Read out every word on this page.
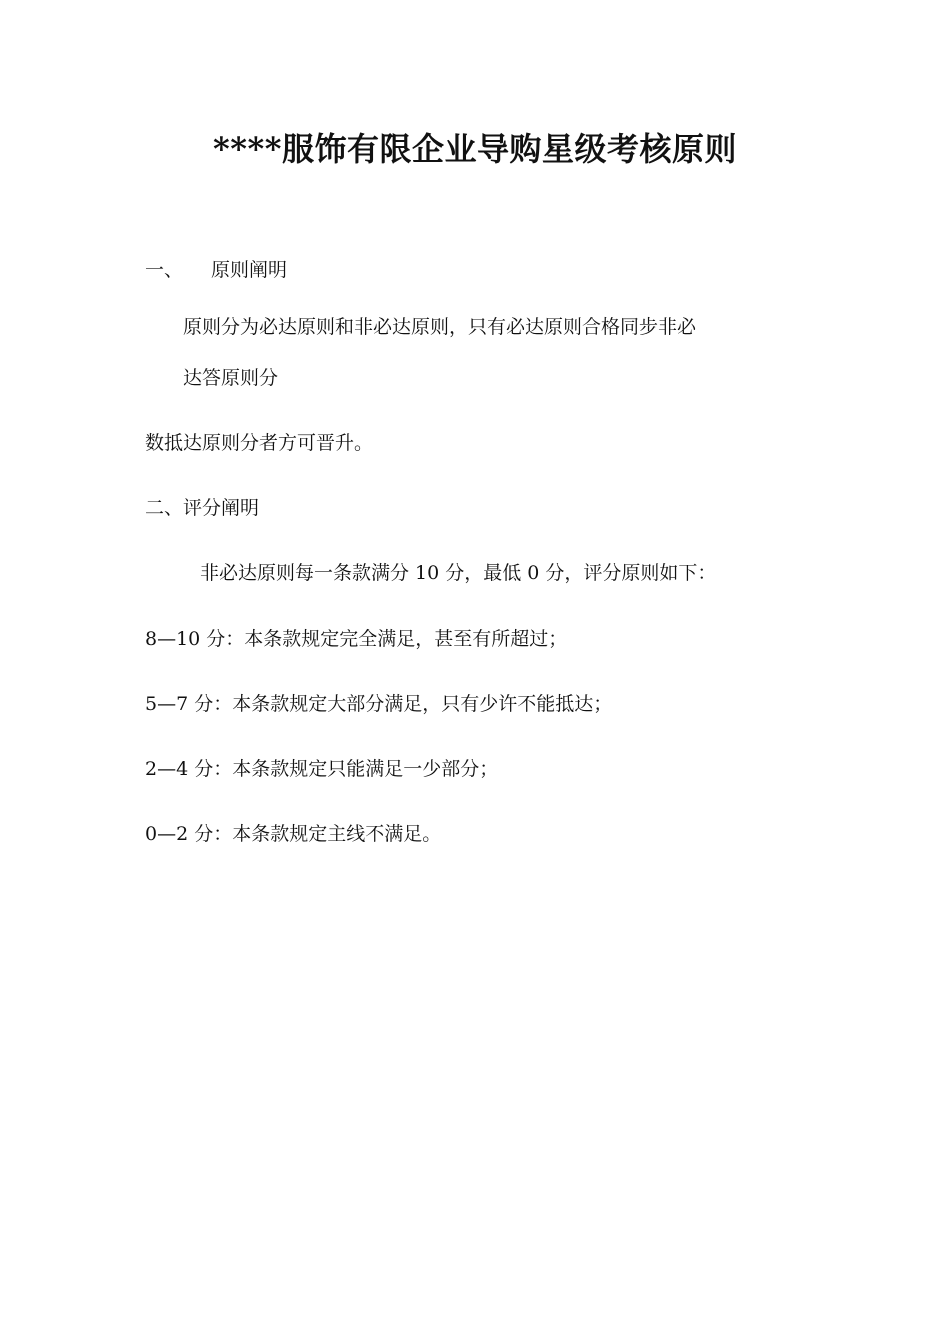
****服饰有限企业导购星级考核原则
一、 原则阐明
原则分为必达原则和非必达原则，只有必达原则合格同步非必
达答原则分
数抵达原则分者方可晋升。
二、评分阐明
非必达原则每一条款满分 10 分，最低 0 分，评分原则如下：
8—10 分：本条款规定完全满足，甚至有所超过；
5—7 分：本条款规定大部分满足，只有少许不能抵达；
2—4 分：本条款规定只能满足一少部分；
0—2 分：本条款规定主线不满足。
